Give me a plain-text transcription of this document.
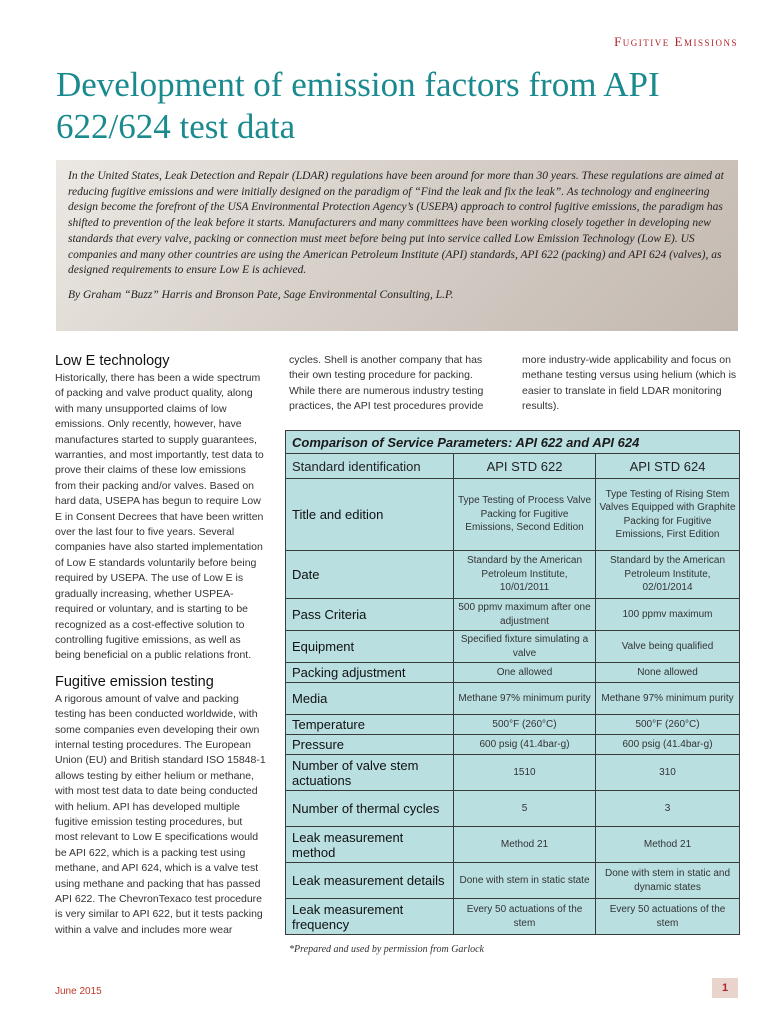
Fugitive Emissions
Development of emission factors from API 622/624 test data

In the United States, Leak Detection and Repair (LDAR) regulations have been around for more than 30 years. These regulations are aimed at reducing fugitive emissions and were initially designed on the paradigm of “Find the leak and fix the leak”. As technology and engineering design become the forefront of the USA Environmental Protection Agency’s (USEPA) approach to control fugitive emissions, the paradigm has shifted to prevention of the leak before it starts. Manufacturers and many committees have been working closely together in developing new standards that every valve, packing or connection must meet before being put into service called Low Emission Technology (Low E). US companies and many other countries are using the American Petroleum Institute (API) standards, API 622 (packing) and API 624 (valves), as designed requirements to ensure Low E is achieved.

By Graham “Buzz” Harris and Bronson Pate, Sage Environmental Consulting, L.P.

Low E technology

Historically, there has been a wide spectrum of packing and valve product quality, along with many unsupported claims of low emissions. Only recently, however, have manufactures started to supply guarantees, warranties, and most importantly, test data to prove their claims of these low emissions from their packing and/or valves. Based on hard data, USEPA has begun to require Low E in Consent Decrees that have been written over the last four to five years. Several companies have also started implementation of Low E standards voluntarily before being required by USEPA. The use of Low E is gradually increasing, whether USPEA-required or voluntary, and is starting to be recognized as a cost-effective solution to controlling fugitive emissions, as well as being beneficial on a public relations front.

Fugitive emission testing

A rigorous amount of valve and packing testing has been conducted worldwide, with some companies even developing their own internal testing procedures. The European Union (EU) and British standard ISO 15848-1 allows testing by either helium or methane, with most test data to date being conducted with helium. API has developed multiple fugitive emission testing procedures, but most relevant to Low E specifications would be API 622, which is a packing test using methane, and API 624, which is a valve test using methane and packing that has passed API 622. The ChevronTexaco test procedure is very similar to API 622, but it tests packing within a valve and includes more wear

cycles. Shell is another company that has their own testing procedure for packing. While there are numerous industry testing practices, the API test procedures provide

more industry-wide applicability and focus on methane testing versus using helium (which is easier to translate in field LDAR monitoring results).

Comparison of Service Parameters: API 622 and API 624		
Standard identification	API STD 622	API STD 624
Title and edition	Type Testing of Process Valve Packing for Fugitive Emissions, Second Edition	Type Testing of Rising Stem Valves Equipped with Graphite Packing for Fugitive Emissions, First Edition
Date	Standard by the American Petroleum Institute, 10/01/2011	Standard by the American Petroleum Institute, 02/01/2014
Pass Criteria	500 ppmv maximum after one adjustment	100 ppmv maximum
Equipment	Specified fixture simulating a valve	Valve being qualified
Packing adjustment	One allowed	None allowed
Media	Methane 97% minimum purity	Methane 97% minimum purity
Temperature	500°F (260°C)	500°F (260°C)
Pressure	600 psig (41.4bar-g)	600 psig (41.4bar-g)
Number of valve stem actuations	1510	310
Number of thermal cycles	5	3
Leak measurement method	Method 21	Method 21
Leak measurement details	Done with stem in static state	Done with stem in static and dynamic states
Leak measurement frequency	Every 50 actuations of the stem	Every 50 actuations of the stem
*Prepared and used by permission from Garlock
June 2015	1
